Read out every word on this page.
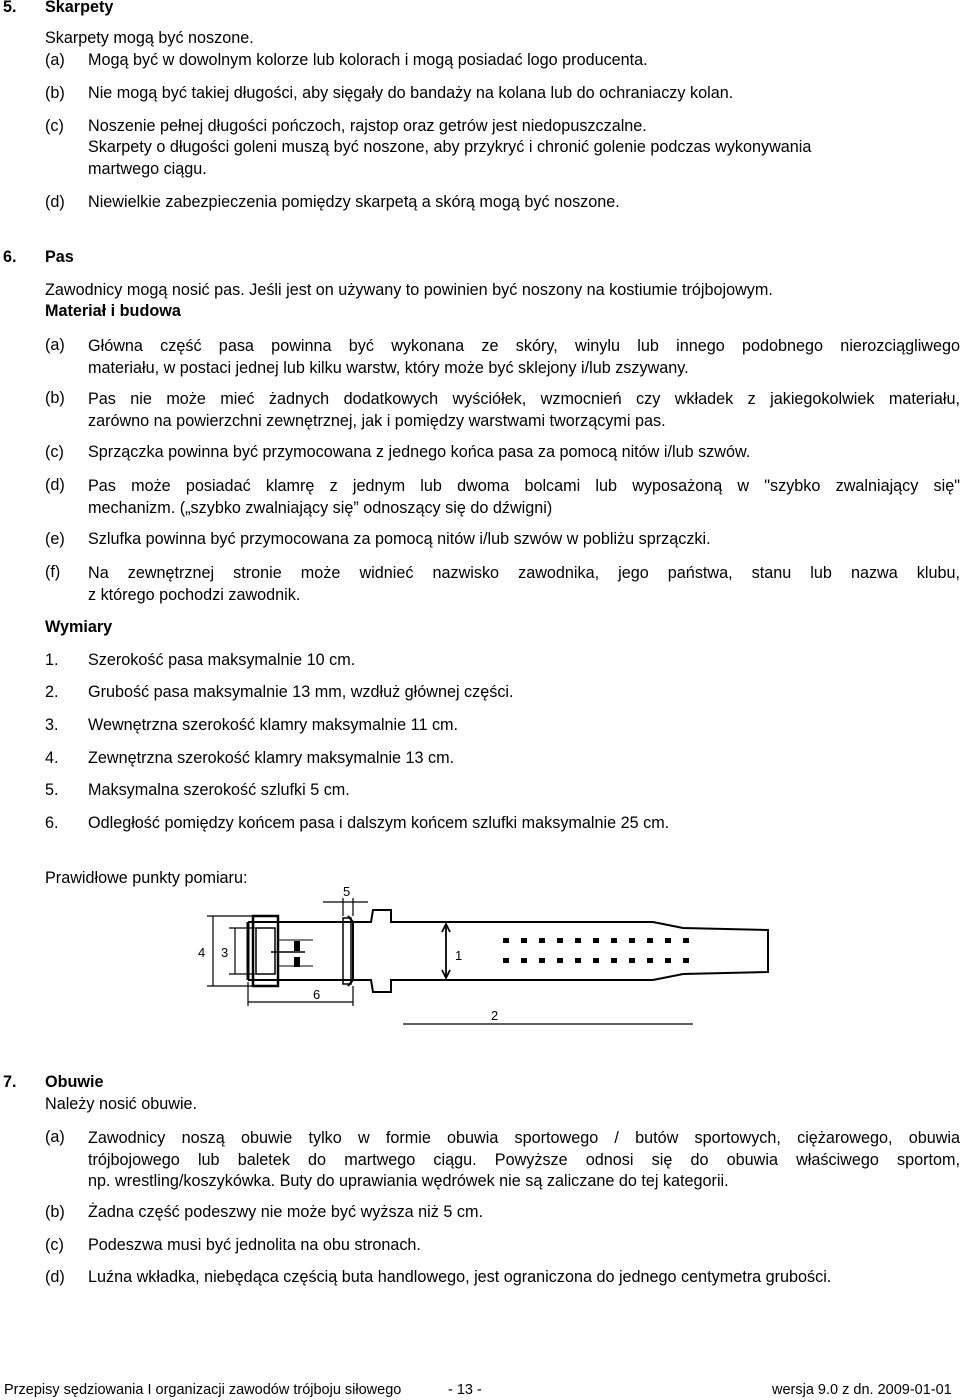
5. Skarpety
Skarpety mogą być noszone.
(a) Mogą być w dowolnym kolorze lub kolorach i mogą posiadać logo producenta.
(b) Nie mogą być takiej długości, aby sięgały do bandaży na kolana lub do ochraniaczy kolan.
(c) Noszenie pełnej długości pończoch, rajstop oraz getrów jest niedopuszczalne.
Skarpety o długości goleni muszą być noszone, aby przykryć i chronić golenie podczas wykonywania
martwego ciągu.
(d) Niewielkie zabezpieczenia pomiędzy skarpetą a skórą mogą być noszone.
6. Pas
Zawodnicy mogą nosić pas. Jeśli jest on używany to powinien być noszony na kostiumie trójbojowym.
Materiał i budowa
(a) Główna część pasa powinna być wykonana ze skóry, winylu lub innego podobnego nierozciągliwego
materiału, w postaci jednej lub kilku warstw, który może być sklejony i/lub zszywany.
(b) Pas nie może mieć żadnych dodatkowych wyściółek, wzmocnień czy wkładek z jakiegokolwiek materiału,
zarówno na powierzchni zewnętrznej, jak i pomiędzy warstwami tworzącymi pas.
(c) Sprzączka powinna być przymocowana z jednego końca pasa za pomocą nitów i/lub szwów.
(d) Pas może posiadać klamrę z jednym lub dwoma bolcami lub wyposażoną w "szybko zwalniający się"
mechanizm. („szybko zwalniający się” odnoszący się do dźwigni)
(e) Szlufka powinna być przymocowana za pomocą nitów i/lub szwów w pobliżu sprzączki.
(f) Na zewnętrznej stronie może widnieć nazwisko zawodnika, jego państwa, stanu lub nazwa klubu,
z którego pochodzi zawodnik.
Wymiary
1. Szerokość pasa maksymalnie 10 cm.
2. Grubość pasa maksymalnie 13 mm, wzdłuż głównej części.
3. Wewnętrzna szerokość klamry maksymalnie 11 cm.
4. Zewnętrzna szerokość klamry maksymalnie 13 cm.
5. Maksymalna szerokość szlufki 5 cm.
6. Odległość pomiędzy końcem pasa i dalszym końcem szlufki maksymalnie 25 cm.
Prawidłowe punkty pomiaru:
1
3
4
5
6
2
7. Obuwie
Należy nosić obuwie.
(a) Zawodnicy noszą obuwie tylko w formie obuwia sportowego / butów sportowych, ciężarowego, obuwia
trójbojowego lub baletek do martwego ciągu. Powyższe odnosi się do obuwia właściwego sportom,
np. wrestling/koszykówka. Buty do uprawiania wędrówek nie są zaliczane do tej kategorii.
(b) Żadna część podeszwy nie może być wyższa niż 5 cm.
(c) Podeszwa musi być jednolita na obu stronach.
(d) Luźna wkładka, niebędąca częścią buta handlowego, jest ograniczona do jednego centymetra grubości.
Przepisy sędziowania I organizacji zawodów trójboju siłowego	- 13 -	wersja 9.0 z dn. 2009-01-01
